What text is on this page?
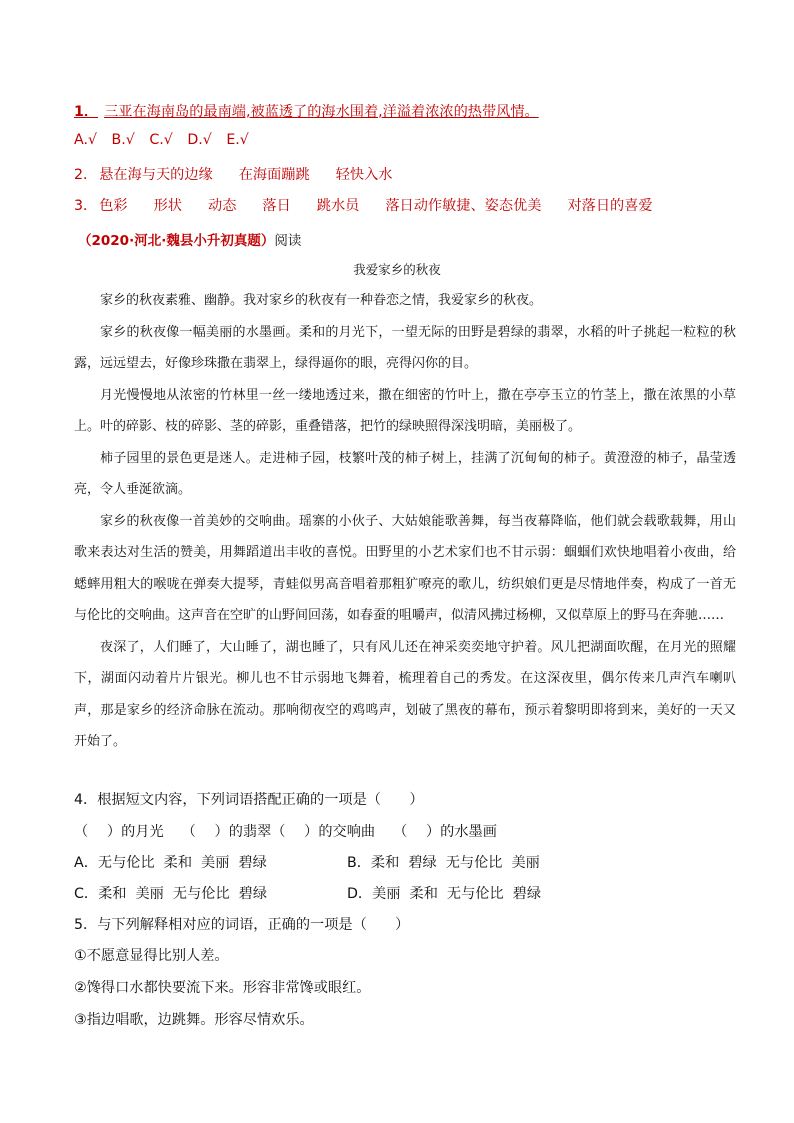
1． 三亚在海南岛的最南端,被蓝透了的海水围着,洋溢着浓浓的热带风情。
A.√ B.√ C.√ D.√ E.√
2． 悬在海与天的边缘 在海面蹦跳 轻快入水
3． 色彩 形状 动态 落日 跳水员 落日动作敏捷、姿态优美 对落日的喜爱
（2020·河北·魏县小升初真题）阅读
我爱家乡的秋夜

家乡的秋夜素雅、幽静。我对家乡的秋夜有一种眷恋之情，我爱家乡的秋夜。

家乡的秋夜像一幅美丽的水墨画。柔和的月光下，一望无际的田野是碧绿的翡翠，水稻的叶子挑起一粒粒的秋露，远远望去，好像珍珠撒在翡翠上，绿得逼你的眼，亮得闪你的目。

月光慢慢地从浓密的竹林里一丝一缕地透过来，撒在细密的竹叶上，撒在亭亭玉立的竹茎上，撒在浓黑的小草上。叶的碎影、枝的碎影、茎的碎影，重叠错落，把竹的绿映照得深浅明暗，美丽极了。

柿子园里的景色更是迷人。走进柿子园，枝繁叶茂的柿子树上，挂满了沉甸甸的柿子。黄澄澄的柿子，晶莹透亮，令人垂涎欲滴。

家乡的秋夜像一首美妙的交响曲。瑶寨的小伙子、大姑娘能歌善舞，每当夜幕降临，他们就会载歌载舞，用山歌来表达对生活的赞美，用舞蹈道出丰收的喜悦。田野里的小艺术家们也不甘示弱：蝈蝈们欢快地唱着小夜曲，给蟋蟀用粗大的喉咙在弹奏大提琴，青蛙似男高音唱着那粗犷嘹亮的歌儿，纺织娘们更是尽情地伴奏，构成了一首无与伦比的交响曲。这声音在空旷的山野间回荡，如春蚕的咀嚼声，似清风拂过杨柳，又似草原上的野马在奔驰……

夜深了，人们睡了，大山睡了，湖也睡了，只有风儿还在神采奕奕地守护着。风儿把湖面吹醒，在月光的照耀下，湖面闪动着片片银光。柳儿也不甘示弱地飞舞着，梳理着自己的秀发。在这深夜里，偶尔传来几声汽车喇叭声，那是家乡的经济命脉在流动。那响彻夜空的鸡鸣声，划破了黑夜的幕布，预示着黎明即将到来，美好的一天又开始了。

4．根据短文内容，下列词语搭配正确的一项是（　　）
（　 ）的月光 （　 ）的翡翠（　 ）的交响曲 （　 ）的水墨画
A．无与伦比  柔和  美丽  碧绿	B．柔和  碧绿  无与伦比  美丽
C．柔和  美丽  无与伦比  碧绿	D．美丽  柔和  无与伦比  碧绿
5．与下列解释相对应的词语，正确的一项是（　　）
①不愿意显得比别人差。
②馋得口水都快要流下来。形容非常馋或眼红。
③指边唱歌，边跳舞。形容尽情欢乐。
